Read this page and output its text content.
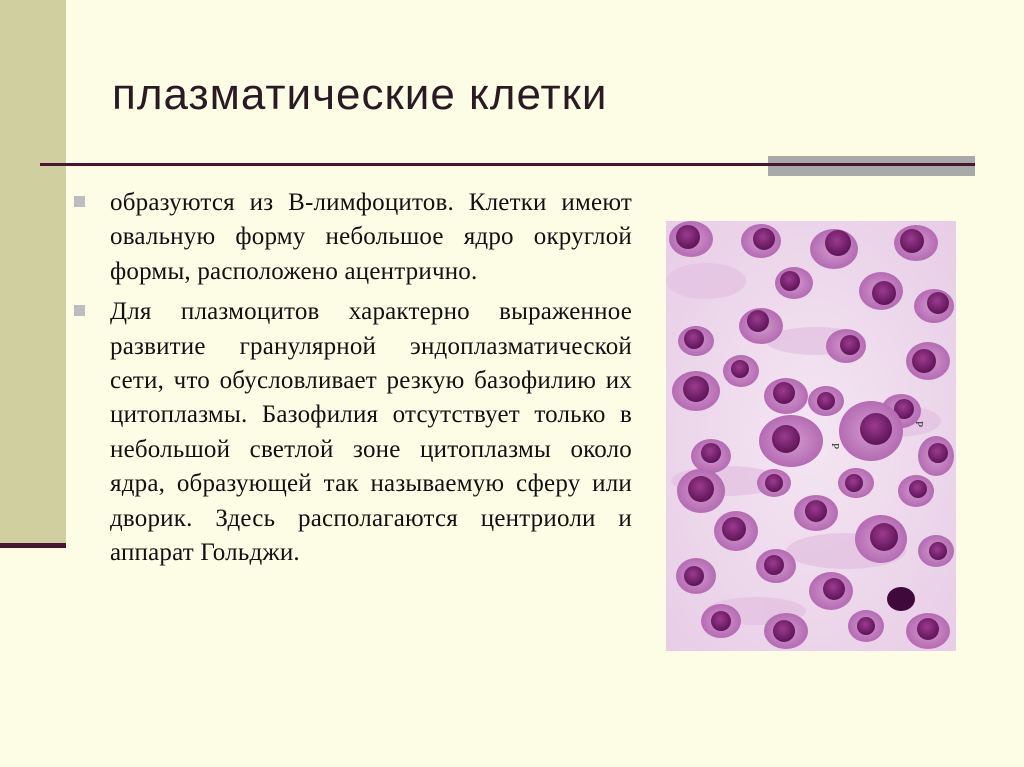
плазматические клетки
образуются из В-лимфоцитов. Клетки имеют овальную форму небольшое ядро округлой формы, расположено ацентрично.
Для плазмоцитов характерно выраженное развитие гранулярной эндоплазматической сети, что обусловливает резкую базофилию их цитоплазмы. Базофилия отсутствует только в небольшой светлой зоне цитоплазмы около ядра, образующей так называемую сферу или дворик. Здесь располагаются центриоли и аппарат Гольджи.
P
P
